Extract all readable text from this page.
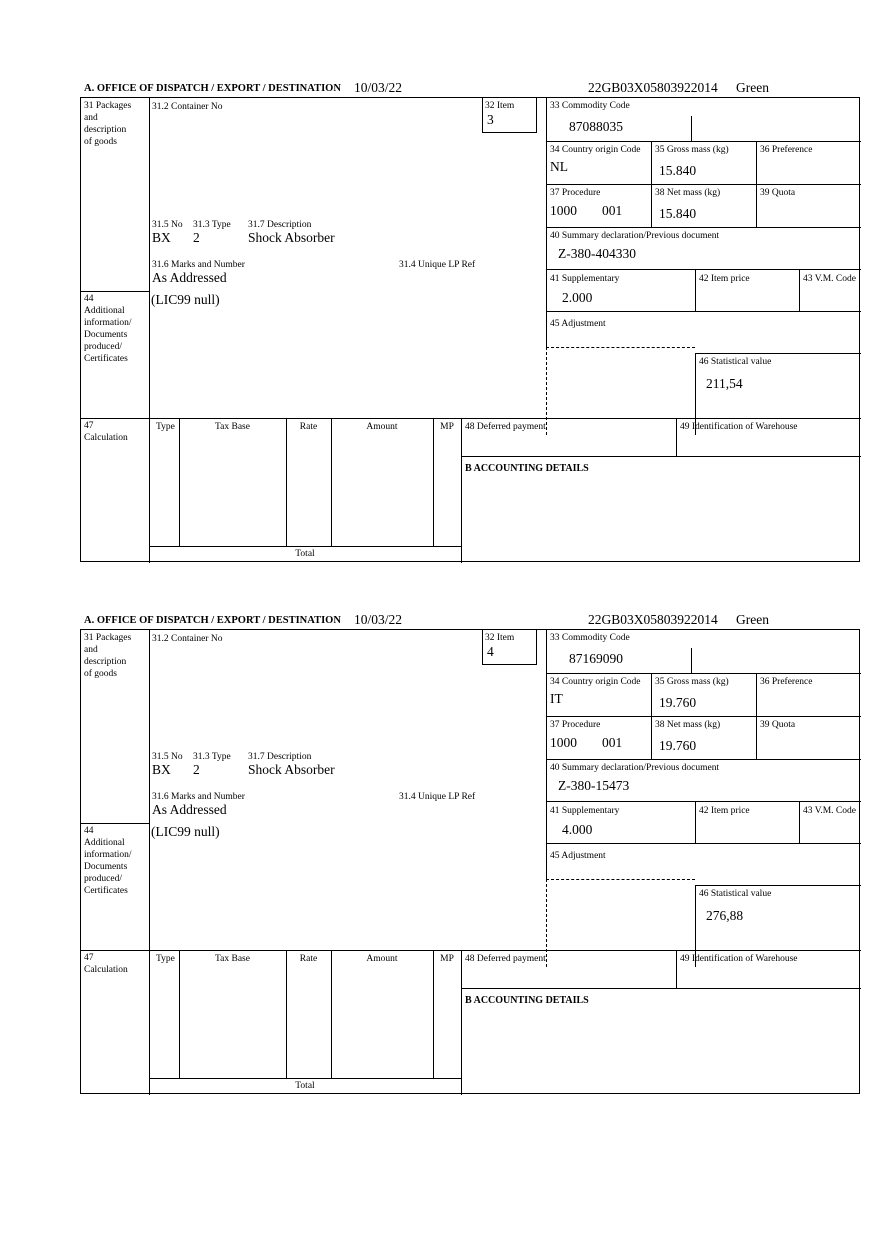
A. OFFICE OF DISPATCH / EXPORT / DESTINATION 10/03/22	22GB03X05803922014 Green
31 Packages
and
description
of goods
44
Additional
information/
Documents
produced/
Certificates
47
Calculation
31.2 Container No	32 Item
3
31.5 No 31.3 Type 31.7 Description
BX 2	Shock Absorber
31.6 Marks and Number	31.4 Unique LP Ref
As Addressed
(LIC99 null)
33 Commodity Code
87088035
34 Country origin Code
NL
35 Gross mass (kg)
15.840
36 Preference
37 Procedure
1000 001
38 Net mass (kg)
15.840
39 Quota
40 Summary declaration/Previous document
Z-380-404330
41 Supplementary
2.000
42 Item price	43 V.M. Code
45 Adjustment
46 Statistical value
211,54
Type	Tax Base	Rate	Amount	MP
Total
48 Deferred payment	49 Identification of Warehouse
B ACCOUNTING DETAILS
A. OFFICE OF DISPATCH / EXPORT / DESTINATION 10/03/22	22GB03X05803922014 Green
31 Packages
and
description
of goods
44
Additional
information/
Documents
produced/
Certificates
47
Calculation
31.2 Container No	32 Item
4
31.5 No 31.3 Type 31.7 Description
BX 2	Shock Absorber
31.6 Marks and Number	31.4 Unique LP Ref
As Addressed
(LIC99 null)
33 Commodity Code
87169090
34 Country origin Code
IT
35 Gross mass (kg)
19.760
36 Preference
37 Procedure
1000 001
38 Net mass (kg)
19.760
39 Quota
40 Summary declaration/Previous document
Z-380-15473
41 Supplementary
4.000
42 Item price	43 V.M. Code
45 Adjustment
46 Statistical value
276,88
Type	Tax Base	Rate	Amount	MP
Total
48 Deferred payment	49 Identification of Warehouse
B ACCOUNTING DETAILS
